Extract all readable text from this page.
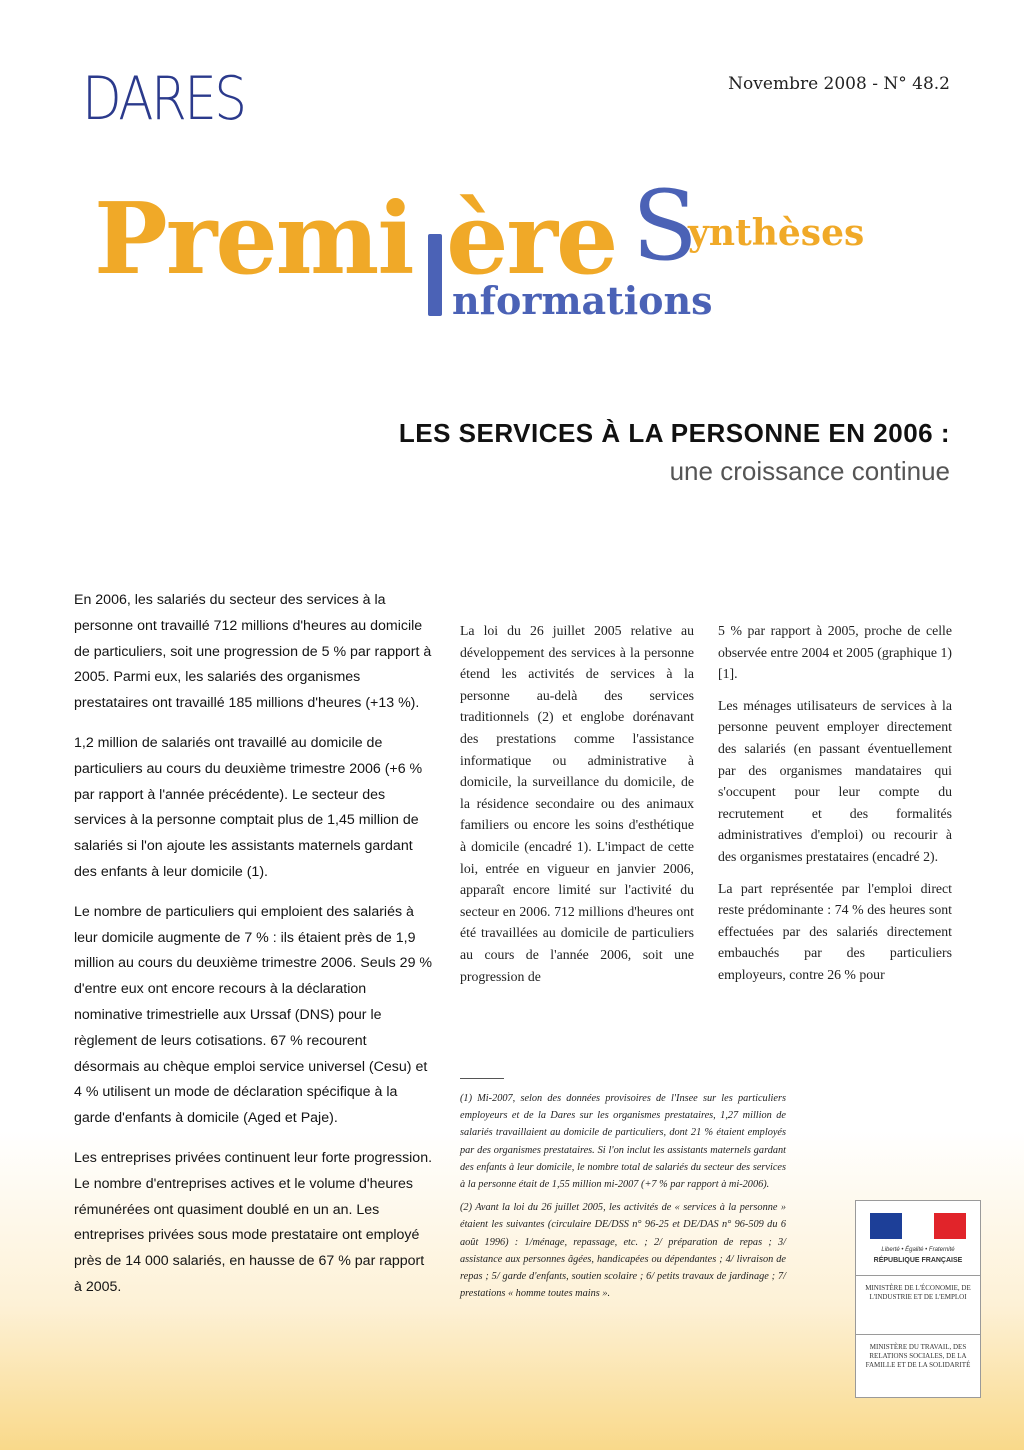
DARES	Novembre 2008 - N° 48.2
Premi ère S
ynthèses
nformations
LES SERVICES À LA PERSONNE EN 2006 :
une croissance continue

En 2006, les salariés du secteur des services à la personne ont travaillé 712 millions d'heures au domicile de particuliers, soit une progression de 5 % par rapport à 2005. Parmi eux, les salariés des organismes prestataires ont travaillé 185 millions d'heures (+13 %).

1,2 million de salariés ont travaillé au domicile de particuliers au cours du deuxième trimestre 2006 (+6 % par rapport à l'année précédente). Le secteur des services à la personne comptait plus de 1,45 million de salariés si l'on ajoute les assistants maternels gardant des enfants à leur domicile (1).

Le nombre de particuliers qui emploient des salariés à leur domicile augmente de 7 % : ils étaient près de 1,9 million au cours du deuxième trimestre 2006. Seuls 29 % d'entre eux ont encore recours à la déclaration nominative trimestrielle aux Urssaf (DNS) pour le règlement de leurs cotisations. 67 % recourent désormais au chèque emploi service universel (Cesu) et 4 % utilisent un mode de déclaration spécifique à la garde d'enfants à domicile (Aged et Paje).

Les entreprises privées continuent leur forte progression. Le nombre d'entreprises actives et le volume d'heures rémunérées ont quasiment doublé en un an. Les entreprises privées sous mode prestataire ont employé près de 14 000 salariés, en hausse de 67 % par rapport à 2005.

La loi du 26 juillet 2005 relative au développement des services à la personne étend les activités de services à la personne au-delà des services traditionnels (2) et englobe dorénavant des prestations comme l'assistance informatique ou administrative à domicile, la surveillance du domicile, de la résidence secondaire ou des animaux familiers ou encore les soins d'esthétique à domicile (encadré 1). L'impact de cette loi, entrée en vigueur en janvier 2006, apparaît encore limité sur l'activité du secteur en 2006. 712 millions d'heures ont été travaillées au domicile de particuliers au cours de l'année 2006, soit une progression de

5 % par rapport à 2005, proche de celle observée entre 2004 et 2005 (graphique 1) [1].

Les ménages utilisateurs de services à la personne peuvent employer directement des salariés (en passant éventuellement par des organismes mandataires qui s'occupent pour leur compte du recrutement et des formalités administratives d'emploi) ou recourir à des organismes prestataires (encadré 2).

La part représentée par l'emploi direct reste prédominante : 74 % des heures sont effectuées par des salariés directement embauchés par des particuliers employeurs, contre 26 % pour

(1) Mi-2007, selon des données provisoires de l'Insee sur les particuliers employeurs et de la Dares sur les organismes prestataires, 1,27 million de salariés travaillaient au domicile de particuliers, dont 21 % étaient employés par des organismes prestataires. Si l'on inclut les assistants maternels gardant des enfants à leur domicile, le nombre total de salariés du secteur des services à la personne était de 1,55 million mi-2007 (+7 % par rapport à mi-2006).

(2) Avant la loi du 26 juillet 2005, les activités de « services à la personne » étaient les suivantes (circulaire DE/DSS n° 96-25 et DE/DAS n° 96-509 du 6 août 1996) : 1/ménage, repassage, etc. ; 2/ préparation de repas ; 3/ assistance aux personnes âgées, handicapées ou dépendantes ; 4/ livraison de repas ; 5/ garde d'enfants, soutien scolaire ; 6/ petits travaux de jardinage ; 7/ prestations « homme toutes mains ».

Liberté • Égalité • Fraternité
RÉPUBLIQUE FRANÇAISE
MINISTÈRE DE L'ÉCONOMIE, DE L'INDUSTRIE ET DE L'EMPLOI
MINISTÈRE DU TRAVAIL, DES RELATIONS SOCIALES, DE LA FAMILLE ET DE LA SOLIDARITÉ
